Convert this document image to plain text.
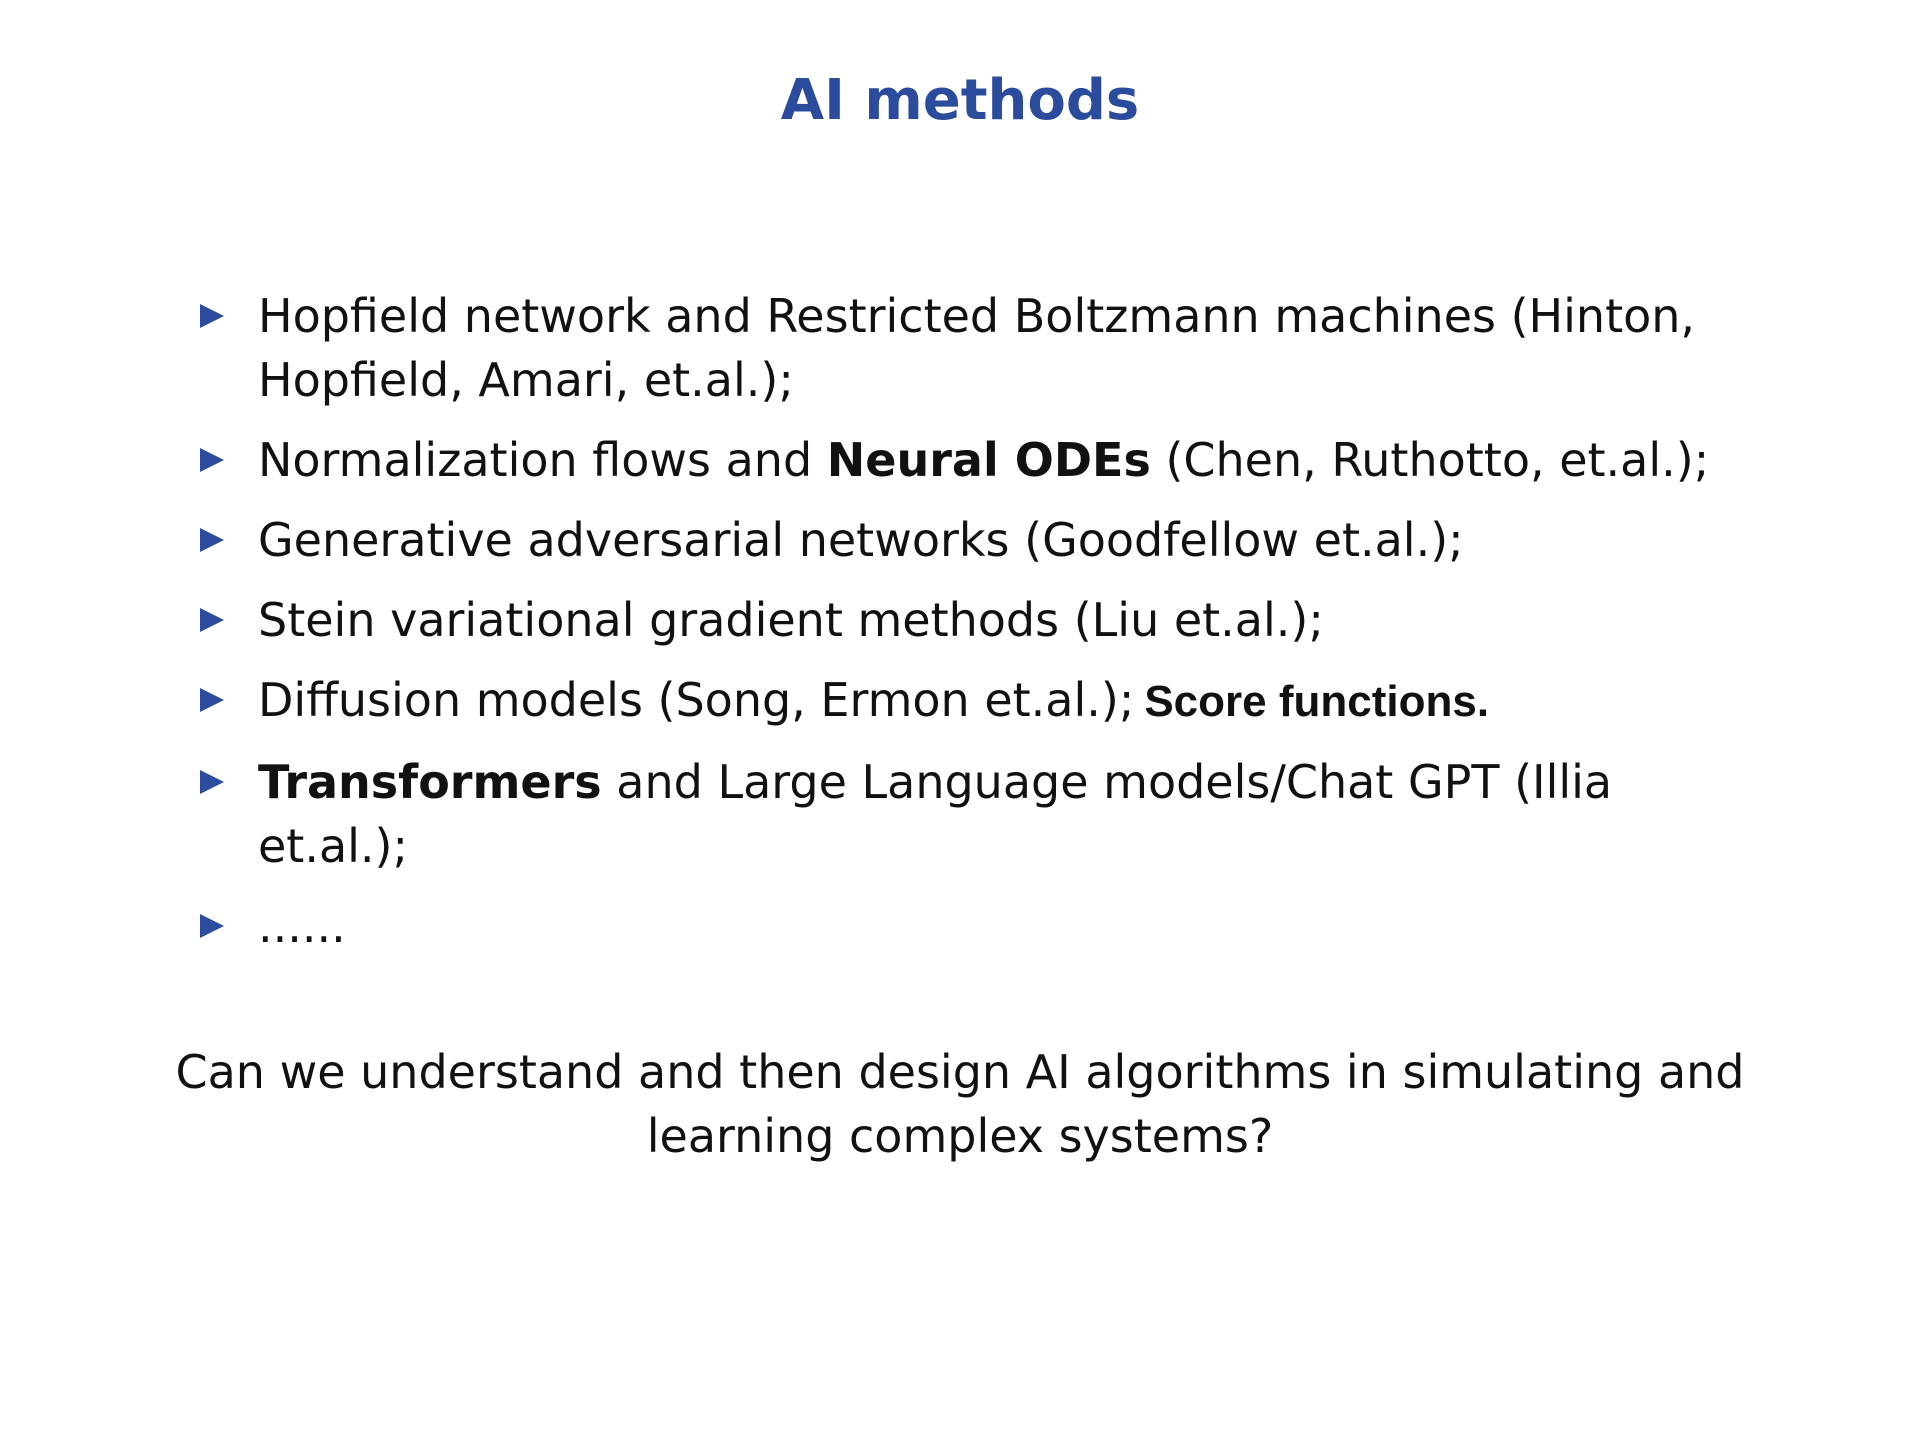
AI methods
Hopfield network and Restricted Boltzmann machines (Hinton, Hopfield, Amari, et.al.);
Normalization flows and Neural ODEs (Chen, Ruthotto, et.al.);
Generative adversarial networks (Goodfellow et.al.);
Stein variational gradient methods (Liu et.al.);
Diffusion models (Song, Ermon et.al.); Score functions.
Transformers and Large Language models/Chat GPT (Illia et.al.);
......
Can we understand and then design AI algorithms in simulating and learning complex systems?
